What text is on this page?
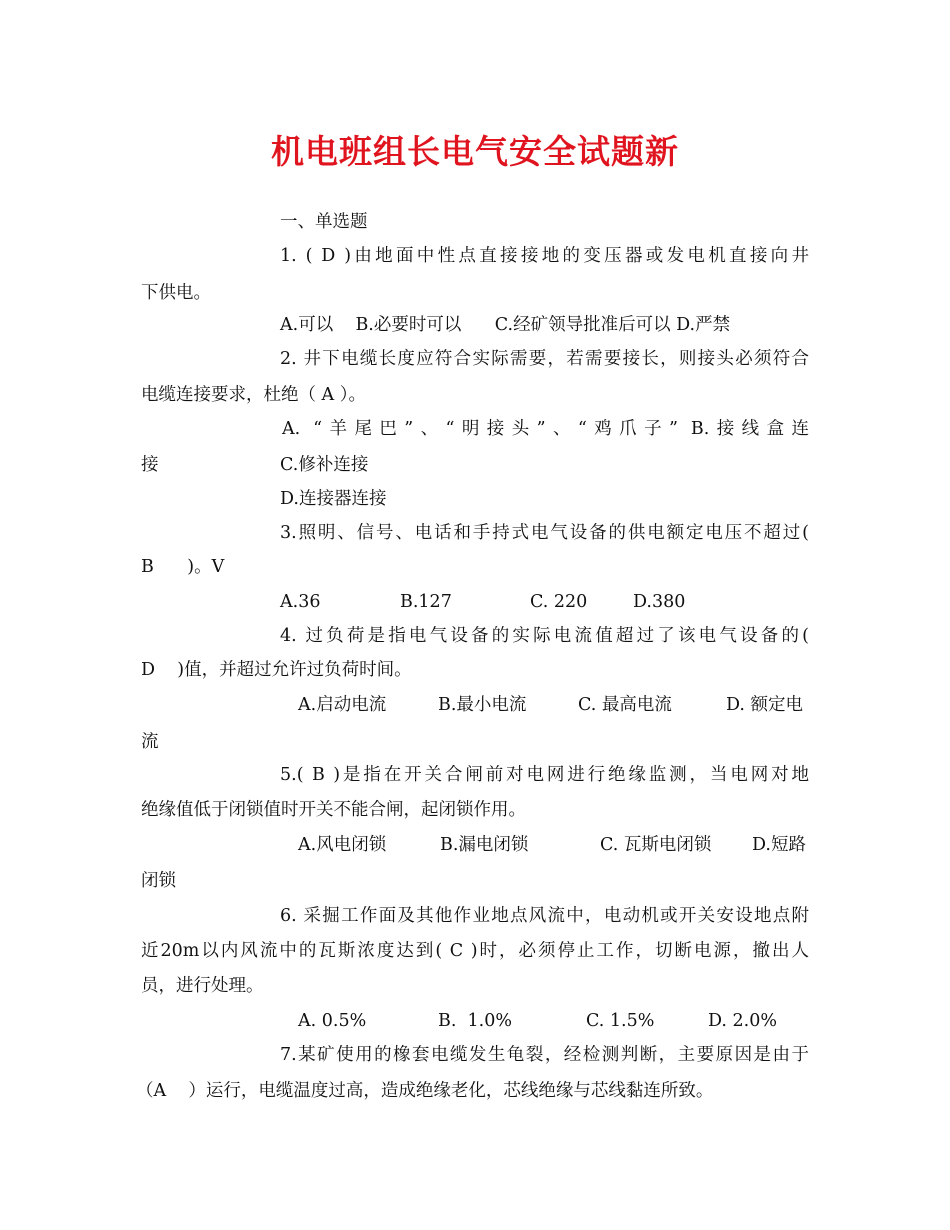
机电班组长电气安全试题新
一、单选题
1. ( D )由地面中性点直接接地的变压器或发电机直接向井
下供电。
A.可以    B.必要时可以      C.经矿领导批准后可以 D.严禁
2. 井下电缆长度应符合实际需要，若需要接长，则接头必须符合
电缆连接要求，杜绝（ A ）。
A. “羊尾巴”、“明接头”、“鸡爪子” B.接线盒连
接	C.修补连接
D.连接器连接
3.照明、信号、电话和手持式电气设备的供电额定电压不超过(
B      )。V
A.36	B.127	C. 220	D.380
4. 过负荷是指电气设备的实际电流值超过了该电气设备的(
D    )值，并超过允许过负荷时间。
A.启动电流	B.最小电流	C. 最高电流	D. 额定电
流
5.( B )是指在开关合闸前对电网进行绝缘监测，当电网对地
绝缘值低于闭锁值时开关不能合闸，起闭锁作用。
A.风电闭锁	B.漏电闭锁	C. 瓦斯电闭锁 D.短路
闭锁
6. 采掘工作面及其他作业地点风流中，电动机或开关安设地点附
近20m以内风流中的瓦斯浓度达到( C )时，必须停止工作，切断电源，撤出人
员，进行处理。
A. 0.5%	B.  1.0%	C. 1.5%	D. 2.0%
7.某矿使用的橡套电缆发生龟裂，经检测判断，主要原因是由于
（A    ）运行，电缆温度过高，造成绝缘老化，芯线绝缘与芯线黏连所致。
